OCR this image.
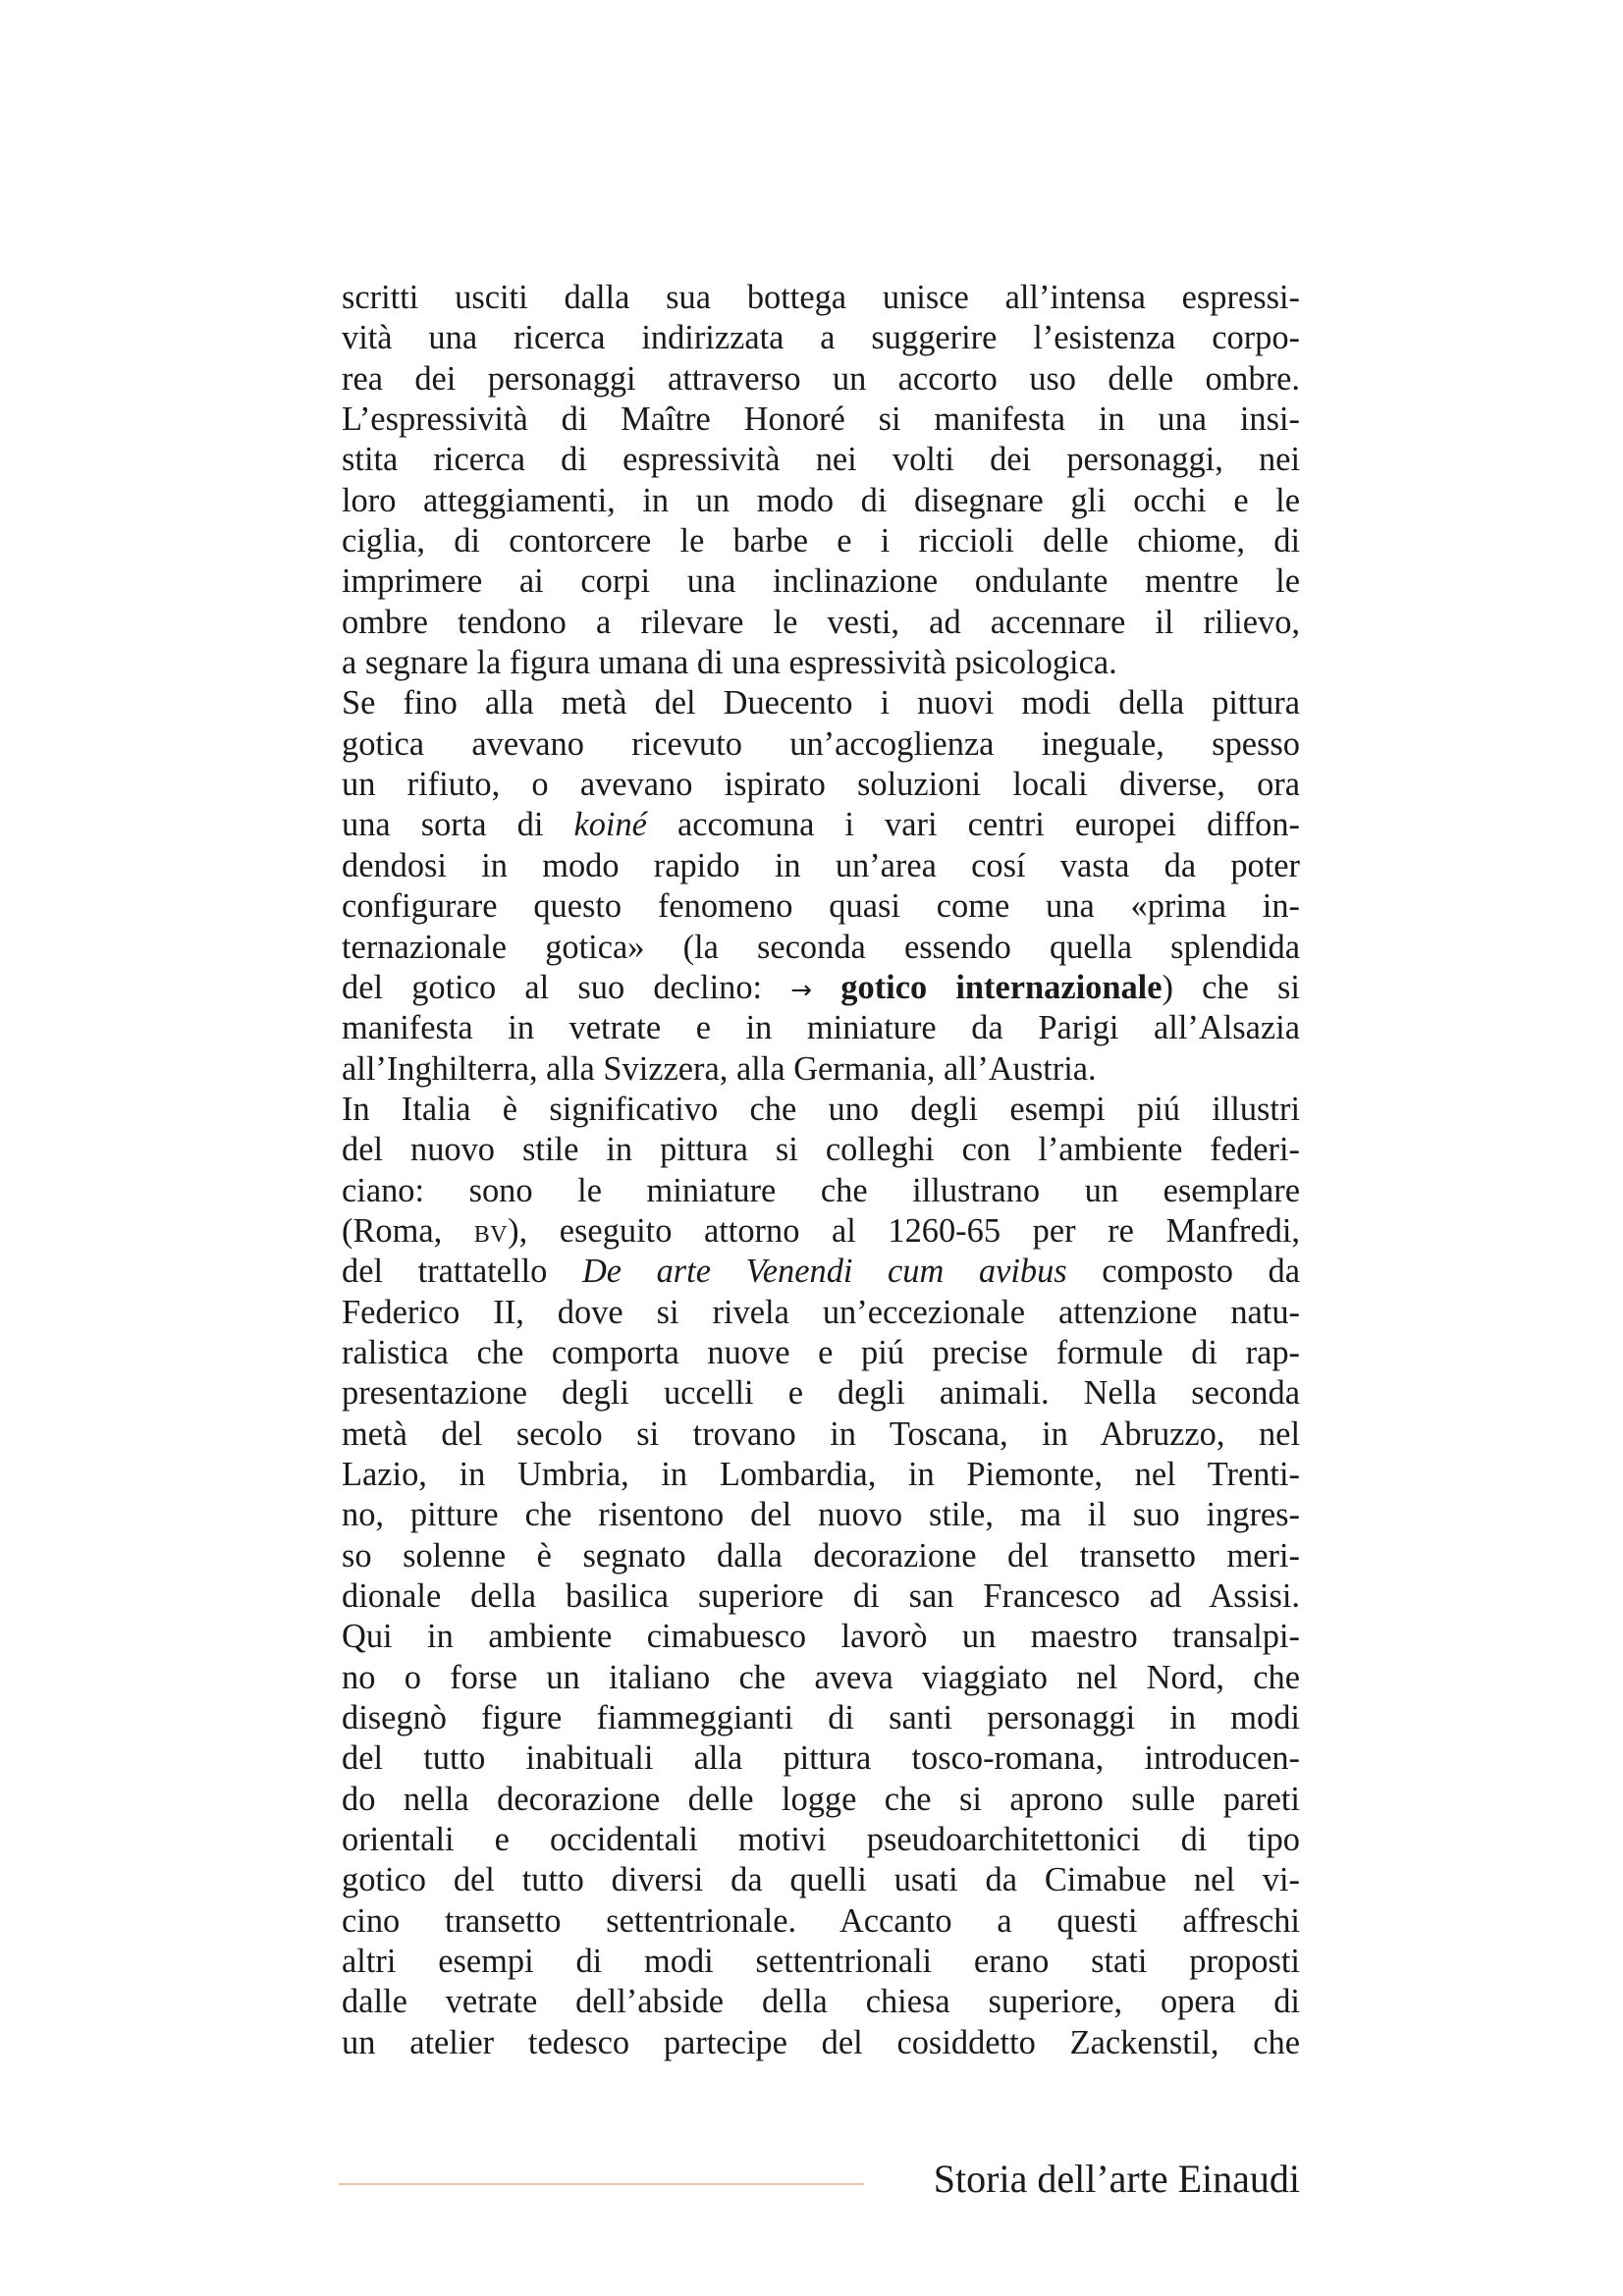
scritti usciti dalla sua bottega unisce all’intensa espressi-
vità una ricerca indirizzata a suggerire l’esistenza corpo-
rea dei personaggi attraverso un accorto uso delle ombre.
L’espressività di Maître Honoré si manifesta in una insi-
stita ricerca di espressività nei volti dei personaggi, nei
loro atteggiamenti, in un modo di disegnare gli occhi e le
ciglia, di contorcere le barbe e i riccioli delle chiome, di
imprimere ai corpi una inclinazione ondulante mentre le
ombre tendono a rilevare le vesti, ad accennare il rilievo,
a segnare la figura umana di una espressività psicologica.
Se fino alla metà del Duecento i nuovi modi della pittura
gotica avevano ricevuto un’accoglienza ineguale, spesso
un rifiuto, o avevano ispirato soluzioni locali diverse, ora
una sorta di koiné accomuna i vari centri europei diffon-
dendosi in modo rapido in un’area cosí vasta da poter
configurare questo fenomeno quasi come una «prima in-
ternazionale gotica» (la seconda essendo quella splendida
del gotico al suo declino: → gotico internazionale) che si
manifesta in vetrate e in miniature da Parigi all’Alsazia
all’Inghilterra, alla Svizzera, alla Germania, all’Austria.
In Italia è significativo che uno degli esempi piú illustri
del nuovo stile in pittura si colleghi con l’ambiente federi-
ciano: sono le miniature che illustrano un esemplare
(Roma, bv), eseguito attorno al 1260-65 per re Manfredi,
del trattatello De arte Venendi cum avibus composto da
Federico II, dove si rivela un’eccezionale attenzione natu-
ralistica che comporta nuove e piú precise formule di rap-
presentazione degli uccelli e degli animali. Nella seconda
metà del secolo si trovano in Toscana, in Abruzzo, nel
Lazio, in Umbria, in Lombardia, in Piemonte, nel Trenti-
no, pitture che risentono del nuovo stile, ma il suo ingres-
so solenne è segnato dalla decorazione del transetto meri-
dionale della basilica superiore di san Francesco ad Assisi.
Qui in ambiente cimabuesco lavorò un maestro transalpi-
no o forse un italiano che aveva viaggiato nel Nord, che
disegnò figure fiammeggianti di santi personaggi in modi
del tutto inabituali alla pittura tosco-romana, introducen-
do nella decorazione delle logge che si aprono sulle pareti
orientali e occidentali motivi pseudoarchitettonici di tipo
gotico del tutto diversi da quelli usati da Cimabue nel vi-
cino transetto settentrionale. Accanto a questi affreschi
altri esempi di modi settentrionali erano stati proposti
dalle vetrate dell’abside della chiesa superiore, opera di
un atelier tedesco partecipe del cosiddetto Zackenstil, che
Storia dell’arte Einaudi
